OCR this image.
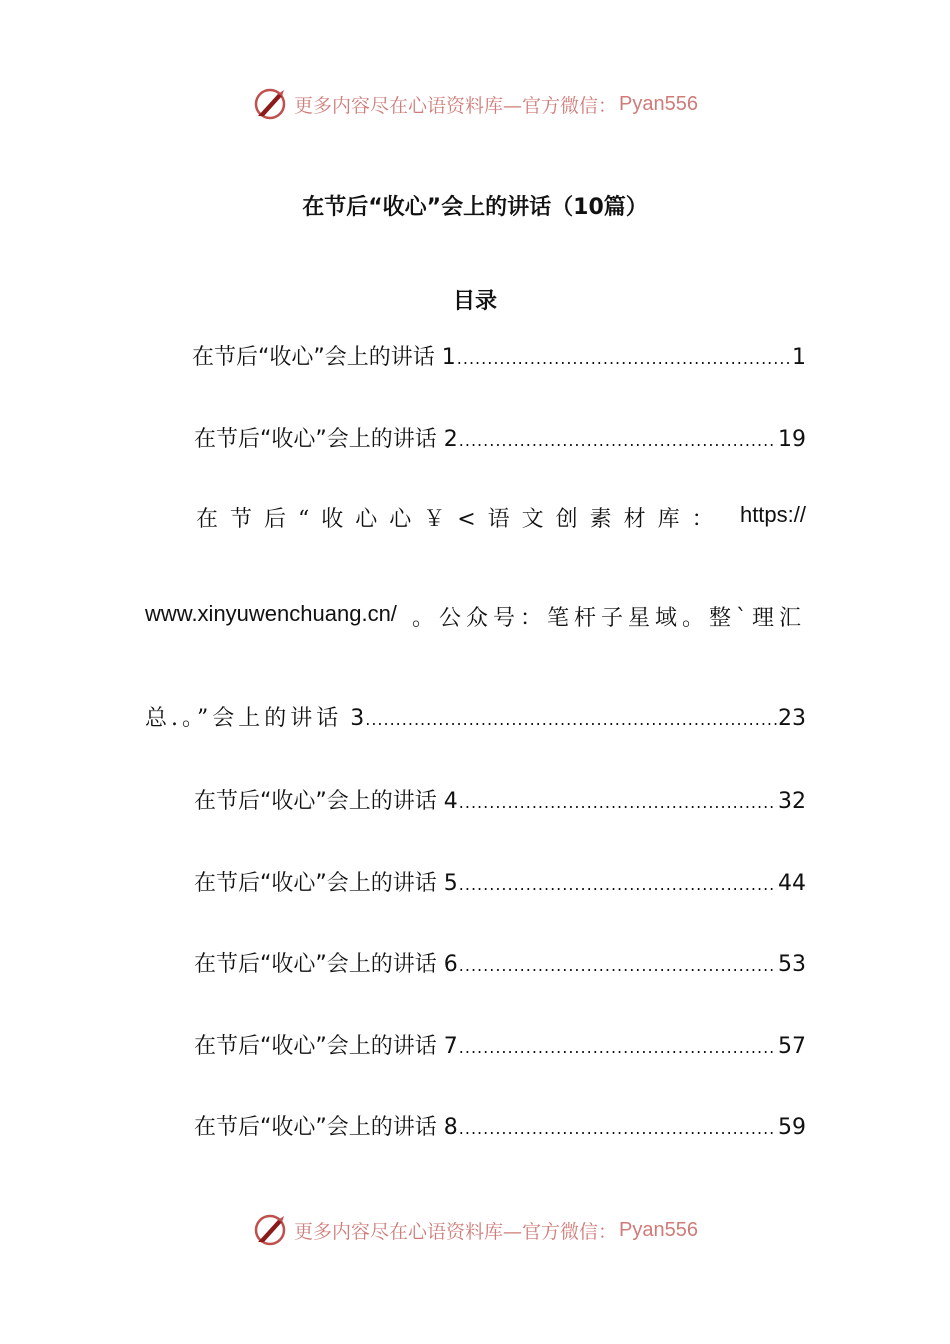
更多内容尽在心语资料库—官方微信： Pyan556
在节后“收心”会上的讲话（10篇）
目录
在节后“收心”会上的讲话 1 .....	1
在节后“收心”会上的讲话 2 .....	19
在节后“收心心￥<语文创素材库： https://
www.xinyuwenchuang.cn/ 。公众号：笔杆子星域。整`理汇
总.。”会上的讲话 3 .....	23
在节后“收心”会上的讲话 4 .....	32
在节后“收心”会上的讲话 5 .....	44
在节后“收心”会上的讲话 6 .....	53
在节后“收心”会上的讲话 7 .....	57
在节后“收心”会上的讲话 8 .....	59
更多内容尽在心语资料库—官方微信： Pyan556
